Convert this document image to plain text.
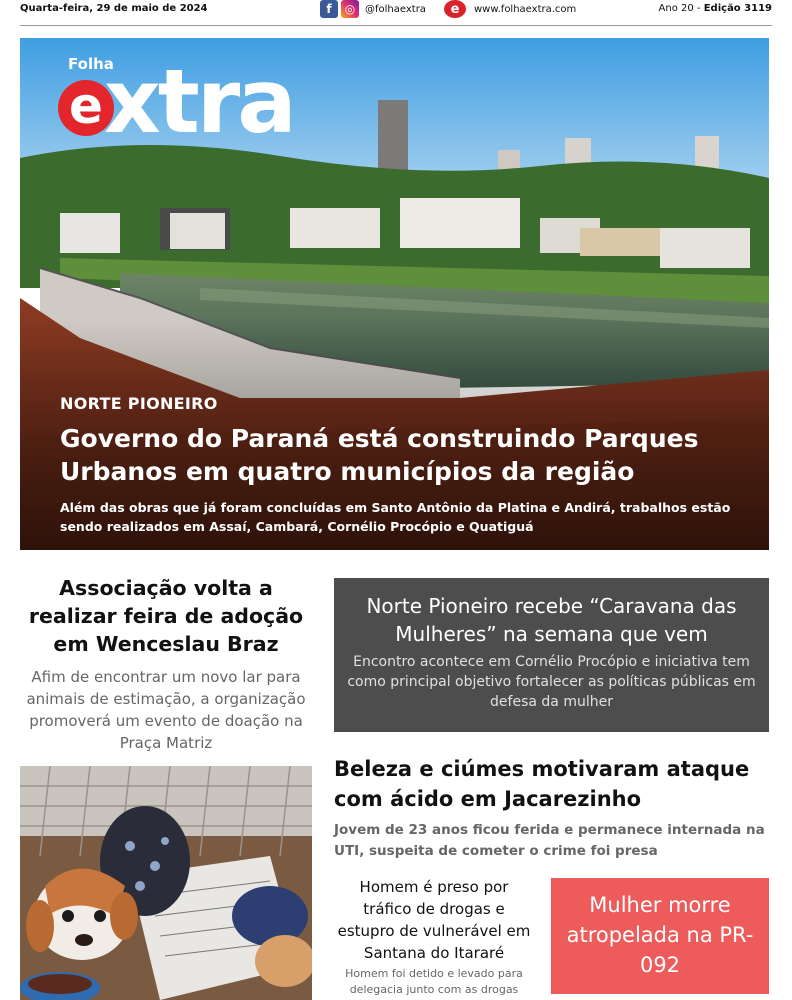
Quarta-feira, 29 de maio de 2024	f	◎ @folhaextra	e	www.folhaextra.com	Ano 20 - Edição 3119
Folha
e xtra
NORTE PIONEIRO
Governo do Paraná está construindo Parques Urbanos em quatro municípios da região
Além das obras que já foram concluídas em Santo Antônio da Platina e Andirá, trabalhos estão sendo realizados em Assaí, Cambará, Cornélio Procópio e Quatiguá
Associação volta a realizar feira de adoção em Wenceslau Braz
Afim de encontrar um novo lar para animais de estimação, a organização promoverá um evento de doação na Praça Matriz
Norte Pioneiro recebe “Caravana das Mulheres” na semana que vem
Encontro acontece em Cornélio Procópio e iniciativa tem como principal objetivo fortalecer as políticas públicas em defesa da mulher
Beleza e ciúmes motivaram ataque com ácido em Jacarezinho
Jovem de 23 anos ficou ferida e permanece internada na UTI, suspeita de cometer o crime foi presa
Homem é preso por tráfico de drogas e estupro de vulnerável em Santana do Itararé
Homem foi detido e levado para delegacia junto com as drogas
Mulher morre atropelada na PR-092
